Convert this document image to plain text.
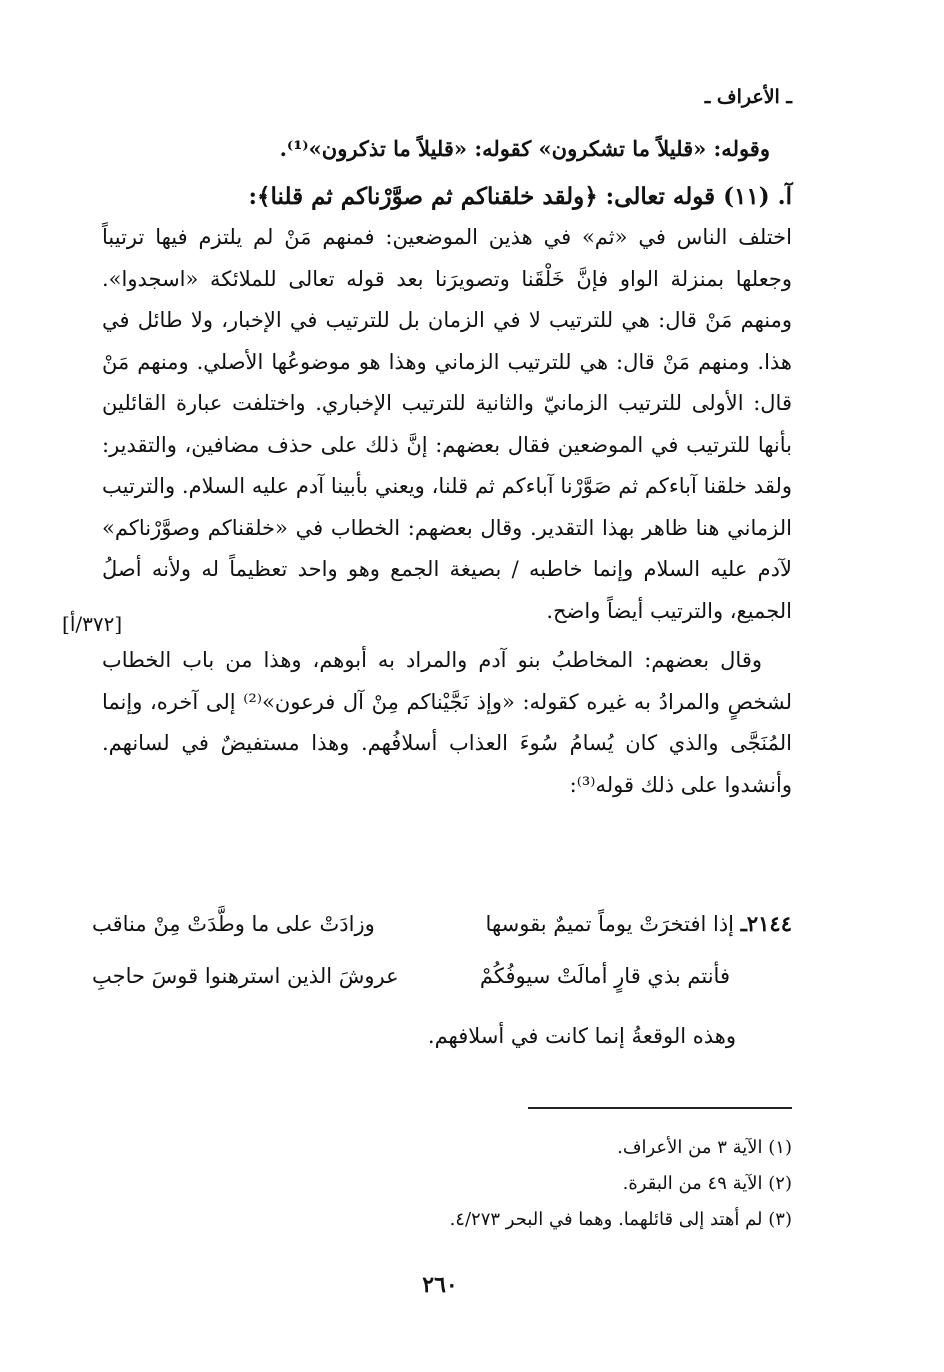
ـ الأعراف ـ

وقوله: «قليلاً ما تشكرون» كقوله: «قليلاً ما تذكرون»⁽¹⁾.

آ. (١١) قوله تعالى: ﴿ولقد خلقناكم ثم صوَّرْناكم ثم قلنا﴾:

اختلف الناس في «ثم» في هذين الموضعين: فمنهم مَنْ لم يلتزم فيها ترتيباً وجعلها بمنزلة الواو فإنَّ خَلْقَنا وتصويرَنا بعد قوله تعالى للملائكة «اسجدوا». ومنهم مَنْ قال: هي للترتيب لا في الزمان بل للترتيب في الإخبار، ولا طائل في هذا. ومنهم مَنْ قال: هي للترتيب الزماني وهذا هو موضوعُها الأصلي. ومنهم مَنْ قال: الأولى للترتيب الزمانيّ والثانية للترتيب الإخباري. واختلفت عبارة القائلين بأنها للترتيب في الموضعين فقال بعضهم: إنَّ ذلك على حذف مضافين، والتقدير: ولقد خلقنا آباءكم ثم صَوَّرْنا آباءكم ثم قلنا، ويعني بأبينا آدم عليه السلام. والترتيب الزماني هنا ظاهر بهذا التقدير. وقال بعضهم: الخطاب في «خلقناكم وصوَّرْناكم» لآدم عليه السلام وإنما خاطبه / بصيغة الجمع وهو واحد تعظيماً له ولأنه أصلُ الجميع، والترتيب أيضاً واضح.

وقال بعضهم: المخاطبُ بنو آدم والمراد به أبوهم، وهذا من باب الخطاب لشخصٍ والمرادُ به غيره كقوله: «وإذ نَجَّيْناكم مِنْ آل فرعون»⁽²⁾ إلى آخره، وإنما المُنَجَّى والذي كان يُسامُ سُوءَ العذاب أسلافُهم. وهذا مستفيضٌ في لسانهم. وأنشدوا على ذلك قوله⁽³⁾:

[٣٧٢/أ]
٢١٤٤ـ إذا افتخرَتْ يوماً تميمٌ بقوسها
وزادَتْ على ما وطَّدَتْ مِنْ مناقب
فأنتم بذي قارٍ أمالَتْ سيوفُكُمْ
عروشَ الذين استرهنوا قوسَ حاجبِ
وهذه الوقعةُ إنما كانت في أسلافهم.
(١) الآية ٣ من الأعراف.
(٢) الآية ٤٩ من البقرة.
(٣) لم أهتد إلى قائلهما. وهما في البحر ٤/٢٧٣.
٢٦٠
